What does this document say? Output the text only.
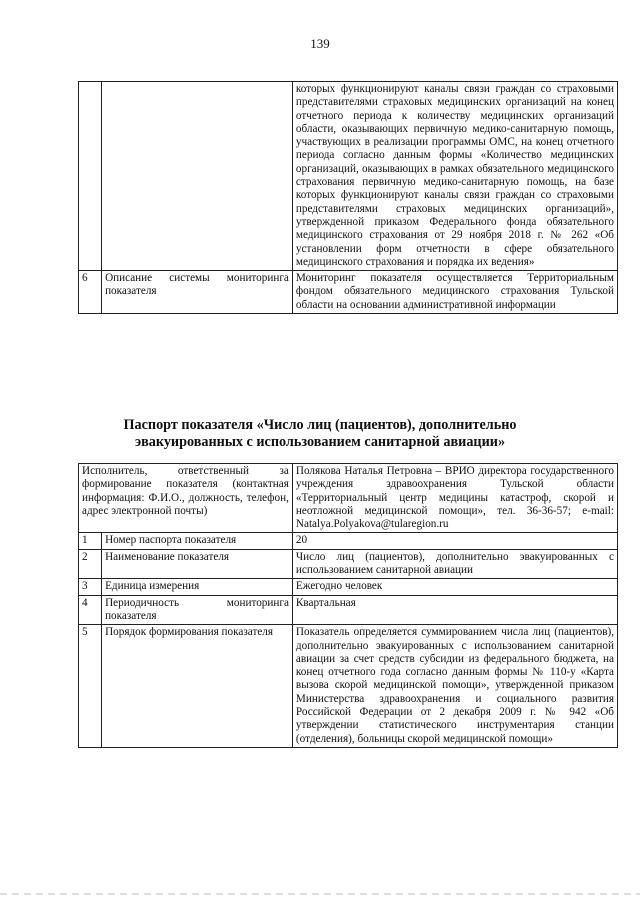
139
		которых функционируют каналы связи граждан со страховыми представителями страховых медицинских организаций на конец отчетного периода к количеству медицинских организаций области, оказывающих первичную медико-санитарную помощь, участвующих в реализации программы ОМС, на конец отчетного периода согласно данным формы «Количество медицинских организаций, оказывающих в рамках обязательного медицинского страхования первичную медико-санитарную помощь, на базе которых функционируют каналы связи граждан со страховыми представителями страховых медицинских организаций», утвержденной приказом Федерального фонда обязательного медицинского страхования от 29 ноября 2018 г. № 262 «Об установлении форм отчетности в сфере обязательного медицинского страхования и порядка их ведения»
6	Описание системы мониторинга показателя	Мониторинг показателя осуществляется Территориальным фондом обязательного медицинского страхования Тульской области на основании административной информации
Паспорт показателя «Число лиц (пациентов), дополнительно
эвакуированных с использованием санитарной авиации»
Исполнитель, ответственный за формирование показателя (контактная информация: Ф.И.О., должность, телефон, адрес электронной почты)		Полякова Наталья Петровна – ВРИО директора государственного учреждения здравоохранения Тульской области «Территориальный центр медицины катастроф, скорой и неотложной медицинской помощи», тел. 36-36-57; e-mail: Natalya.Polyakova@tularegion.ru
1	Номер паспорта показателя	20
2	Наименование показателя	Число лиц (пациентов), дополнительно эвакуированных с использованием санитарной авиации
3	Единица измерения	Ежегодно человек
4	Периодичность мониторинга показателя	Квартальная
5	Порядок формирования показателя	Показатель определяется суммированием числа лиц (пациентов), дополнительно эвакуированных с использованием санитарной авиации за счет средств субсидии из федерального бюджета, на конец отчетного года согласно данным формы № 110-у «Карта вызова скорой медицинской помощи», утвержденной приказом Министерства здравоохранения и социального развития Российской Федерации от 2 декабря 2009 г. № 942 «Об утверждении статистического инструментария станции (отделения), больницы скорой медицинской помощи»
